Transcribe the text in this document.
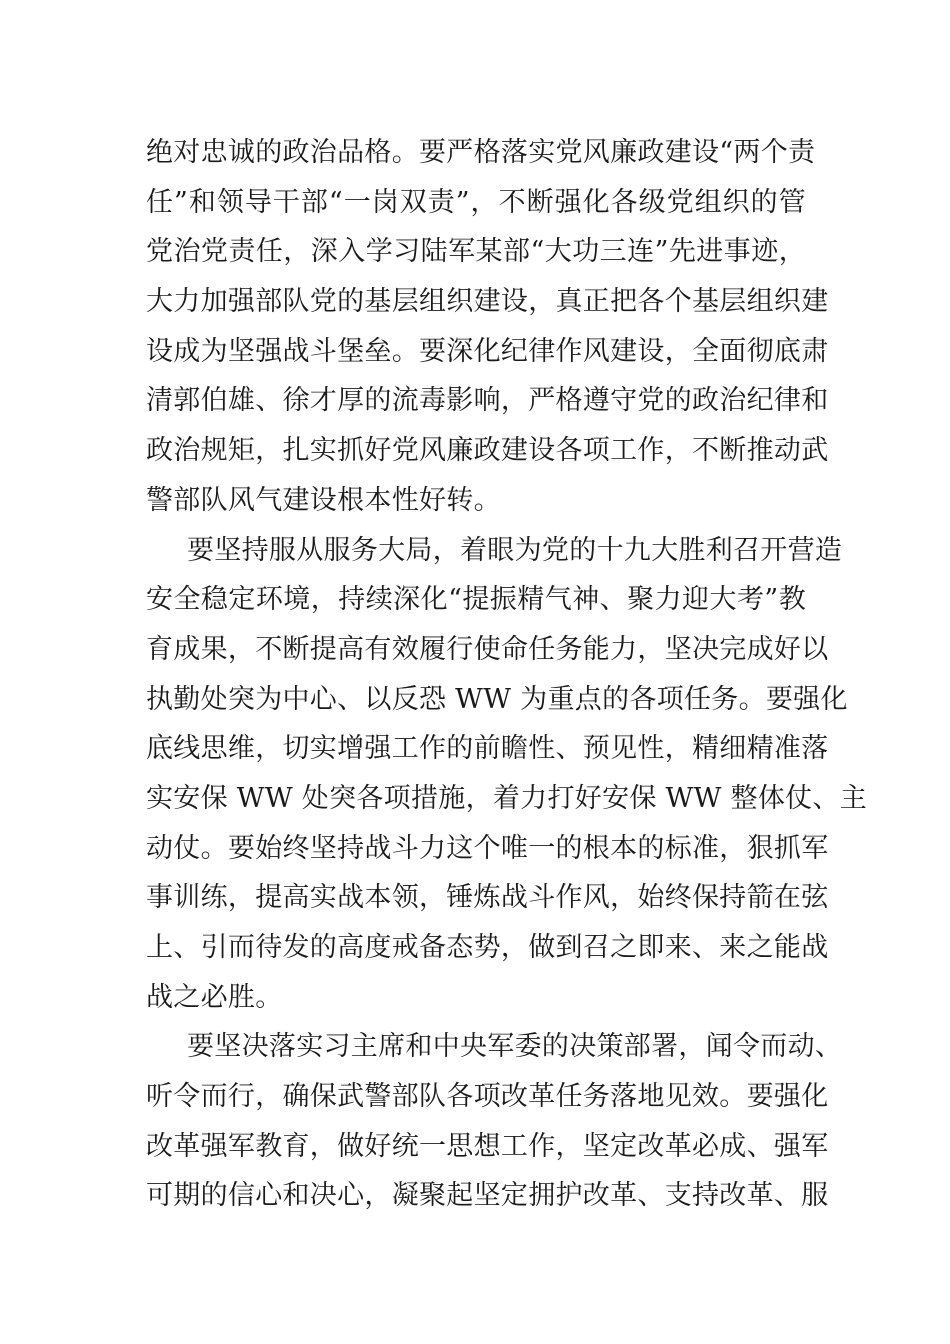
绝对忠诚的政治品格。要严格落实党风廉政建设“两个责
任”和领导干部“一岗双责”，不断强化各级党组织的管
党治党责任，深入学习陆军某部“大功三连”先进事迹，
大力加强部队党的基层组织建设，真正把各个基层组织建
设成为坚强战斗堡垒。要深化纪律作风建设，全面彻底肃
清郭伯雄、徐才厚的流毒影响，严格遵守党的政治纪律和
政治规矩，扎实抓好党风廉政建设各项工作，不断推动武
警部队风气建设根本性好转。
要坚持服从服务大局，着眼为党的十九大胜利召开营造
安全稳定环境，持续深化“提振精气神、聚力迎大考”教
育成果，不断提高有效履行使命任务能力，坚决完成好以
执勤处突为中心、以反恐 WW 为重点的各项任务。要强化
底线思维，切实增强工作的前瞻性、预见性，精细精准落
实安保 WW 处突各项措施，着力打好安保 WW 整体仗、主
动仗。要始终坚持战斗力这个唯一的根本的标准，狠抓军
事训练，提高实战本领，锤炼战斗作风，始终保持箭在弦
上、引而待发的高度戒备态势，做到召之即来、来之能战
战之必胜。
要坚决落实习主席和中央军委的决策部署，闻令而动、
听令而行，确保武警部队各项改革任务落地见效。要强化
改革强军教育，做好统一思想工作，坚定改革必成、强军
可期的信心和决心，凝聚起坚定拥护改革、支持改革、服
